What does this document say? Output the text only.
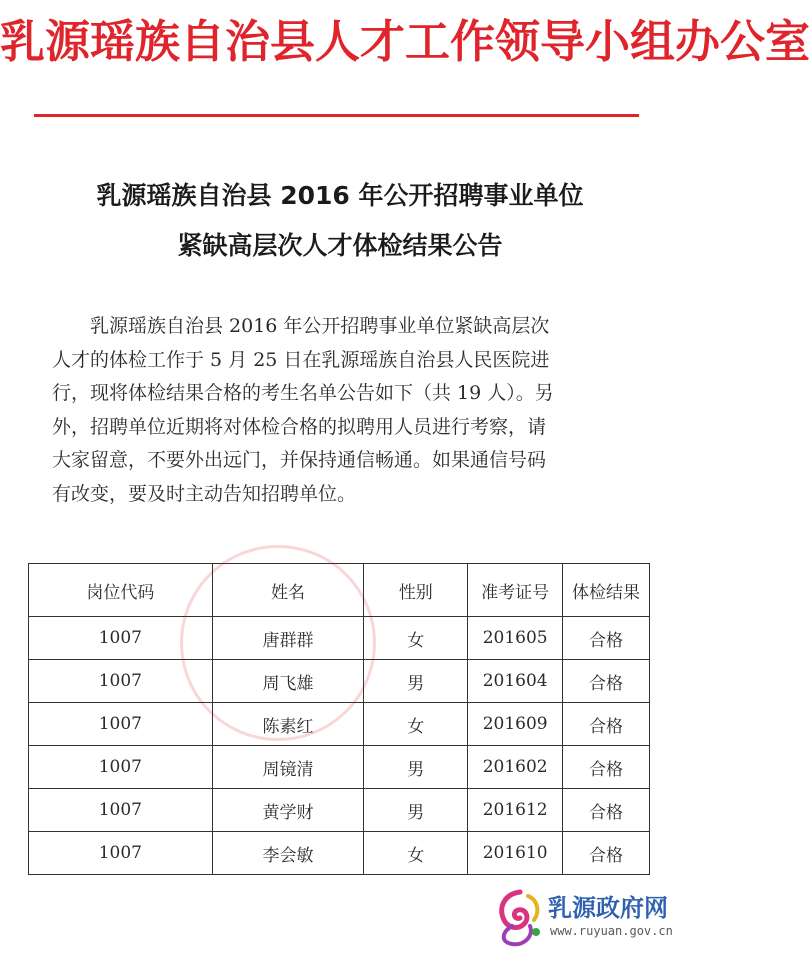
乳源瑶族自治县人才工作领导小组办公室
乳源瑶族自治县 2016 年公开招聘事业单位
紧缺高层次人才体检结果公告
乳源瑶族自治县 2016 年公开招聘事业单位紧缺高层次
人才的体检工作于 5 月 25 日在乳源瑶族自治县人民医院进
行，现将体检结果合格的考生名单公告如下（共 19 人）。另
外，招聘单位近期将对体检合格的拟聘用人员进行考察，请
大家留意，不要外出远门，并保持通信畅通。如果通信号码
有改变，要及时主动告知招聘单位。
岗位代码	姓名	性别	准考证号	体检结果
1007	唐群群	女	201605	合格
1007	周飞雄	男	201604	合格
1007	陈素红	女	201609	合格
1007	周镜清	男	201602	合格
1007	黄学财	男	201612	合格
1007	李会敏	女	201610	合格
乳源政府网
www.ruyuan.gov.cn
